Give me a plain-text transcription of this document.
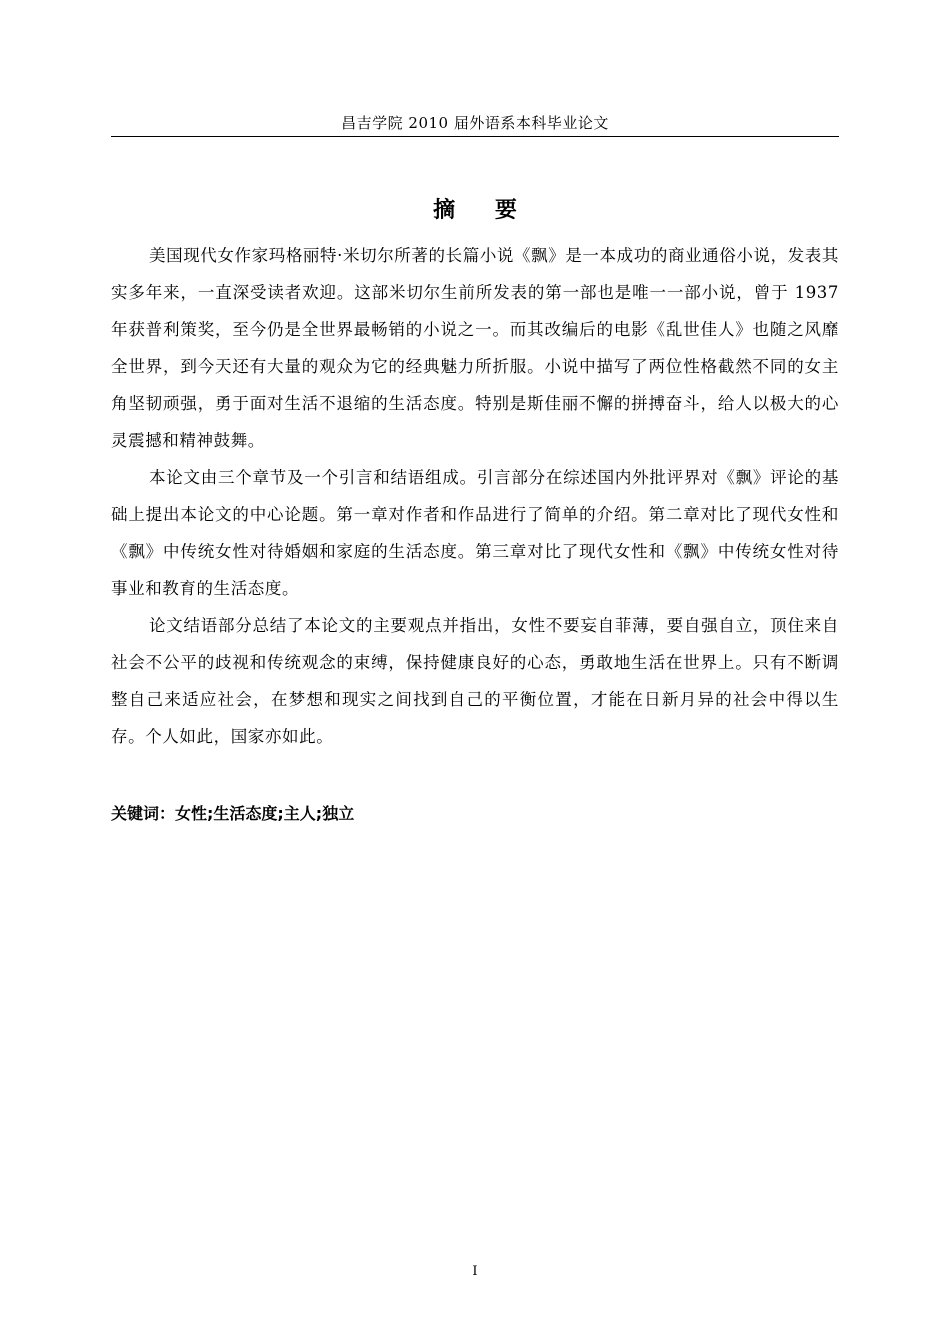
昌吉学院 2010 届外语系本科毕业论文
摘 要

美国现代女作家玛格丽特·米切尔所著的长篇小说《飘》是一本成功的商业通俗小说，发表其实多年来，一直深受读者欢迎。这部米切尔生前所发表的第一部也是唯一一部小说，曾于 1937 年获普利策奖，至今仍是全世界最畅销的小说之一。而其改编后的电影《乱世佳人》也随之风靡全世界，到今天还有大量的观众为它的经典魅力所折服。小说中描写了两位性格截然不同的女主角坚韧顽强，勇于面对生活不退缩的生活态度。特别是斯佳丽不懈的拼搏奋斗，给人以极大的心灵震撼和精神鼓舞。

本论文由三个章节及一个引言和结语组成。引言部分在综述国内外批评界对《飘》评论的基础上提出本论文的中心论题。第一章对作者和作品进行了简单的介绍。第二章对比了现代女性和《飘》中传统女性对待婚姻和家庭的生活态度。第三章对比了现代女性和《飘》中传统女性对待事业和教育的生活态度。

论文结语部分总结了本论文的主要观点并指出，女性不要妄自菲薄，要自强自立，顶住来自社会不公平的歧视和传统观念的束缚，保持健康良好的心态，勇敢地生活在世界上。只有不断调整自己来适应社会，在梦想和现实之间找到自己的平衡位置，才能在日新月异的社会中得以生存。个人如此，国家亦如此。

关键词：女性;生活态度;主人;独立
I
